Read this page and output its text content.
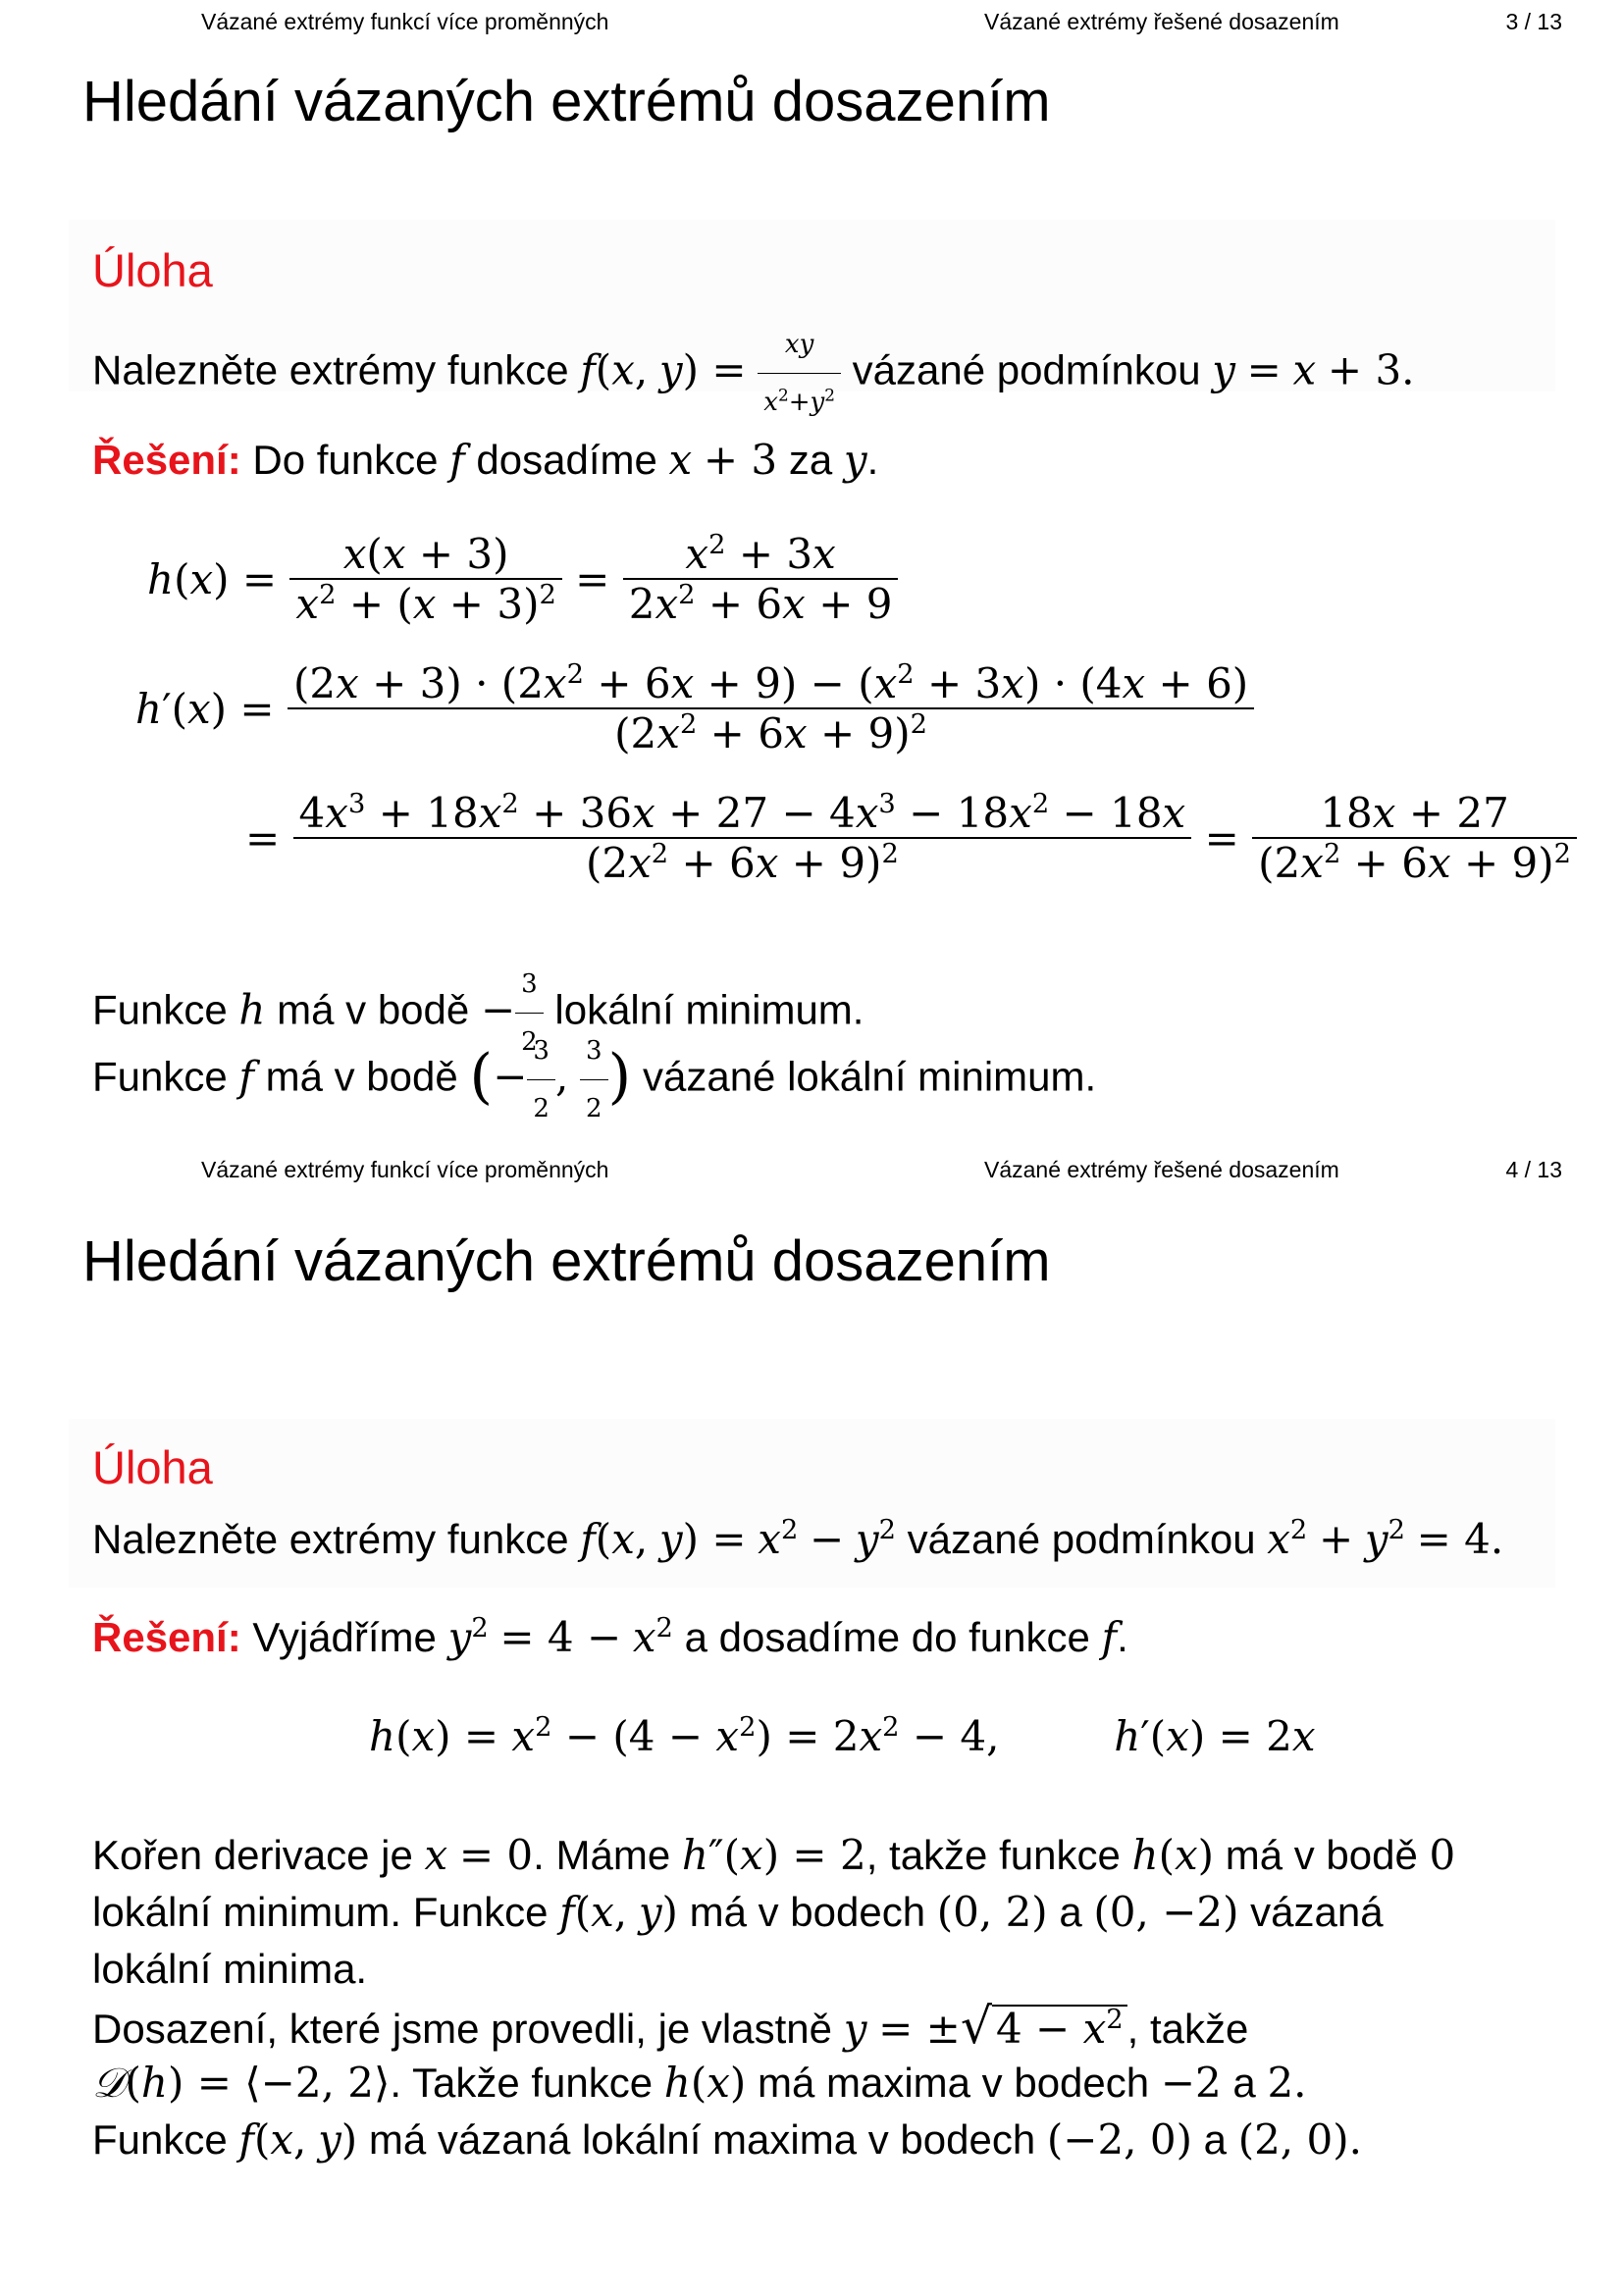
Vázané extrémy funkcí více proměnných	Vázané extrémy řešené dosazením	3 / 13
Hledání vázaných extrémů dosazením
Úloha
Nalezněte extrémy funkce f(x, $y) = \frac{xy}{x^2+y^2}$ vázané podmínkou y = x + 3.
Řešení: Do funkce f dosadíme x + 3 za y.
h ( x ) = $\frac{x(x + 3)}{x^2 + (x + 3)^2} = \frac{x^2 + 3x}{2x^2 + 6x + 9}$
h ′( x ) = $\frac{(2x + 3) \cdot (2x^2 + 6x + 9) - (x^2 + 3x) \cdot (4x + 6)}{(2x^2 + 6x + 9)^2}$
= $\frac{4x^3 + 18x^2 + 36x + 27 - 4x^3 - 18x^2 - 18x}{(2x^2 + 6x + 9)^2} = \frac{18x + 27}{(2x^2 + 6x + 9)^2}$
Funkce h má v bodě − $\frac{3}{2}$ lokální minimum.
Funkce f má v bodě (− $\frac{3}{2}$ , $\frac{3}{2}$ ) vázané lokální minimum.
Vázané extrémy funkcí více proměnných	Vázané extrémy řešené dosazením	4 / 13
Hledání vázaných extrémů dosazením
Úloha
Nalezněte extrémy funkce f(x, $y) = x^2 - y^2$ vázané podmínkou $x^2 + y^2 = 4$.
Řešení: Vyjádříme $y^2 = 4 - x^2$ a dosadíme do funkce f.
$h(x) = x^2 - (4 - x^2) = 2x^2 - 4$,  h′(x) = 2x
Kořen derivace je x = 0. Máme h″(x) = 2, takže funkce h(x) má v bodě 0
lokální minimum. Funkce f(x, y) má v bodech (0, 2) a (0, −2) vázaná
lokální minima.
Dosazení, které jsme provedli, je vlastně $y = \pm√4 - x^2$, takže
𝒟(h) = ⟨−2, 2⟩. Takže funkce h(x) má maxima v bodech −2 a 2.
Funkce f(x, y) má vázaná lokální maxima v bodech (−2, 0) a (2, 0).
